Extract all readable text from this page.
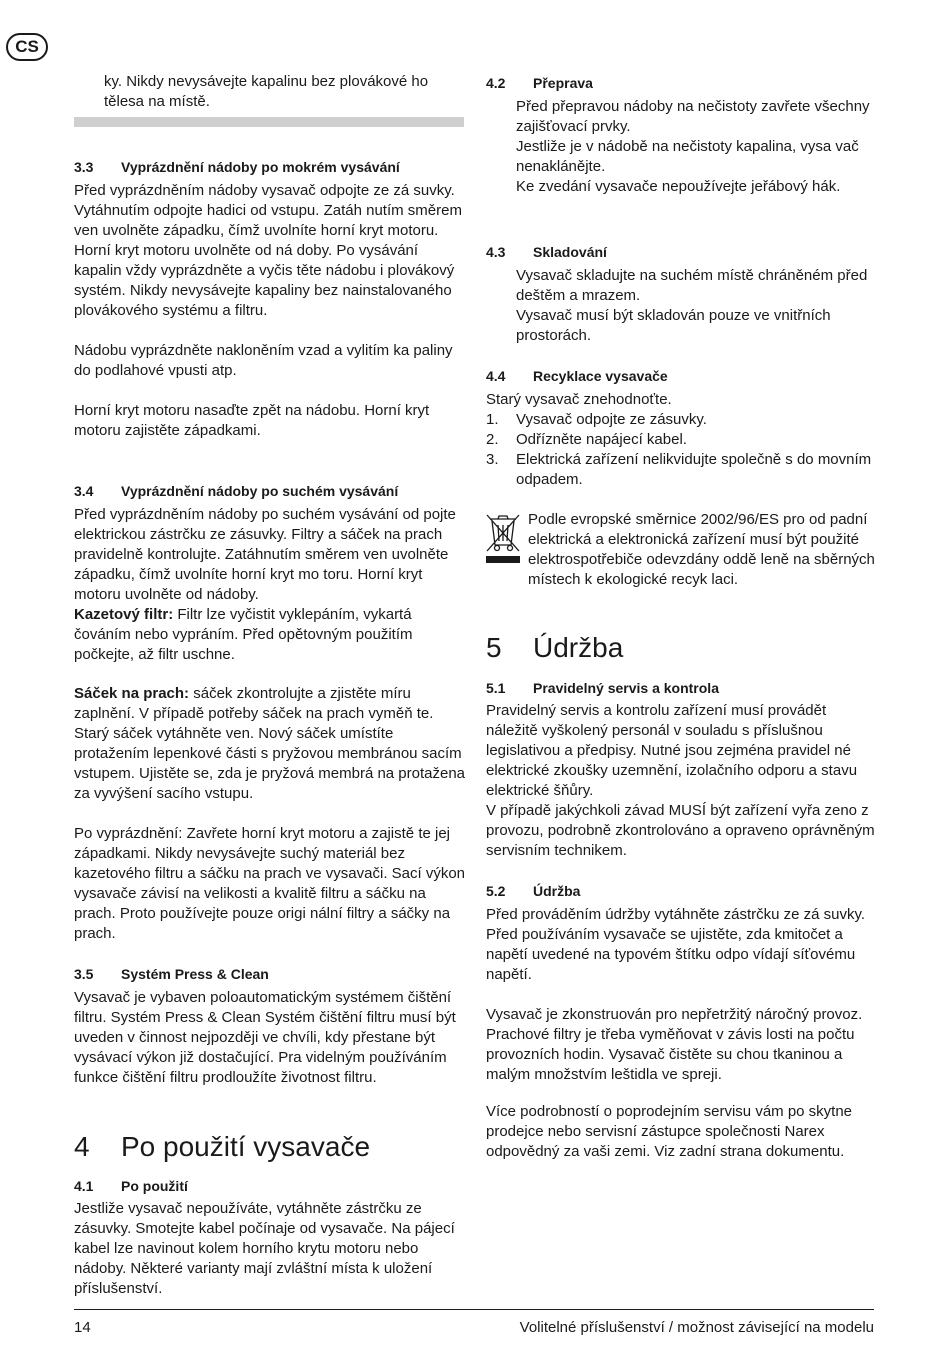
CS

ky. Nikdy nevysávejte kapalinu bez plovákové ho tělesa na místě.

3.3 Vyprázdnění nádoby po mokrém vysávání

Před vyprázdněním nádoby vysavač odpojte ze zá suvky. Vytáhnutím odpojte hadici od vstupu. Zatáh nutím směrem ven uvolněte západku, čímž uvolníte horní kryt motoru. Horní kryt motoru uvolněte od ná doby. Po vysávání kapalin vždy vyprázdněte a vyčis těte nádobu i plovákový systém. Nikdy nevysávejte kapaliny bez nainstalovaného plovákového systému a filtru.

Nádobu vyprázdněte nakloněním vzad a vylitím ka paliny do podlahové vpusti atp.

Horní kryt motoru nasaďte zpět na nádobu. Horní kryt motoru zajistěte západkami.

3.4 Vyprázdnění nádoby po suchém vysávání

Před vyprázdněním nádoby po suchém vysávání od pojte elektrickou zástrčku ze zásuvky. Filtry a sáček na prach pravidelně kontrolujte. Zatáhnutím směrem ven uvolněte západku, čímž uvolníte horní kryt mo toru. Horní kryt motoru uvolněte od nádoby.

Kazetový filtr: Filtr lze vyčistit vyklepáním, vykartá čováním nebo vypráním. Před opětovným použitím počkejte, až filtr uschne.

Sáček na prach: sáček zkontrolujte a zjistěte míru zaplnění. V případě potřeby sáček na prach vyměň te. Starý sáček vytáhněte ven. Nový sáček umístíte protažením lepenkové části s pryžovou membránou sacím vstupem. Ujistěte se, zda je pryžová membrá na protažena za vyvýšení sacího vstupu.

Po vyprázdnění: Zavřete horní kryt motoru a zajistě te jej západkami. Nikdy nevysávejte suchý materiál bez kazetového filtru a sáčku na prach ve vysavači. Sací výkon vysavače závisí na velikosti a kvalitě filtru a sáčku na prach. Proto používejte pouze origi nální filtry a sáčky na prach.

3.5 Systém Press & Clean

Vysavač je vybaven poloautomatickým systémem čištění filtru. Systém Press & Clean Systém čištění filtru musí být uveden v činnost nejpozději ve chvíli, kdy přestane být vysávací výkon již dostačující. Pra videlným používáním funkce čištění filtru prodloužíte životnost filtru.

4 Po použití vysavače
4.1 Po použití

Jestliže vysavač nepoužíváte, vytáhněte zástrčku ze zásuvky. Smotejte kabel počínaje od vysavače. Na pájecí kabel lze navinout kolem horního krytu motoru nebo nádoby. Některé varianty mají zvláštní místa k uložení příslušenství.

4.2 Přeprava

Před přepravou nádoby na nečistoty zavřete všechny zajišťovací prvky.

Jestliže je v nádobě na nečistoty kapalina, vysa vač nenaklánějte.

Ke zvedání vysavače nepoužívejte jeřábový hák.

4.3 Skladování

Vysavač skladujte na suchém místě chráněném před deštěm a mrazem.

Vysavač musí být skladován pouze ve vnitřních prostorách.

4.4 Recyklace vysavače

Starý vysavač znehodnoťte.

1. Vysavač odpojte ze zásuvky.
2. Odřízněte napájecí kabel.
3. Elektrická zařízení nelikvidujte společně s do movním odpadem.

Podle evropské směrnice 2002/96/ES pro od padní elektrická a elektronická zařízení musí být použité elektrospotřebiče odevzdány oddě leně na sběrných místech k ekologické recyk laci.

5 Údržba
5.1 Pravidelný servis a kontrola

Pravidelný servis a kontrolu zařízení musí provádět náležitě vyškolený personál v souladu s příslušnou legislativou a předpisy. Nutné jsou zejména pravidel né elektrické zkoušky uzemnění, izolačního odporu a stavu elektrické šňůry.

V případě jakýchkoli závad MUSÍ být zařízení vyřa zeno z provozu, podrobně zkontrolováno a opraveno oprávněným servisním technikem.

5.2 Údržba

Před prováděním údržby vytáhněte zástrčku ze zá suvky. Před používáním vysavače se ujistěte, zda kmitočet a napětí uvedené na typovém štítku odpo vídají síťovému napětí.

Vysavač je zkonstruován pro nepřetržitý náročný provoz. Prachové filtry je třeba vyměňovat v závis losti na počtu provozních hodin. Vysavač čistěte su chou tkaninou a malým množstvím leštidla ve spreji.

Více podrobností o poprodejním servisu vám po skytne prodejce nebo servisní zástupce společnosti Narex odpovědný za vaši zemi. Viz zadní strana dokumentu.

14	Volitelné příslušenství / možnost závisející na modelu
